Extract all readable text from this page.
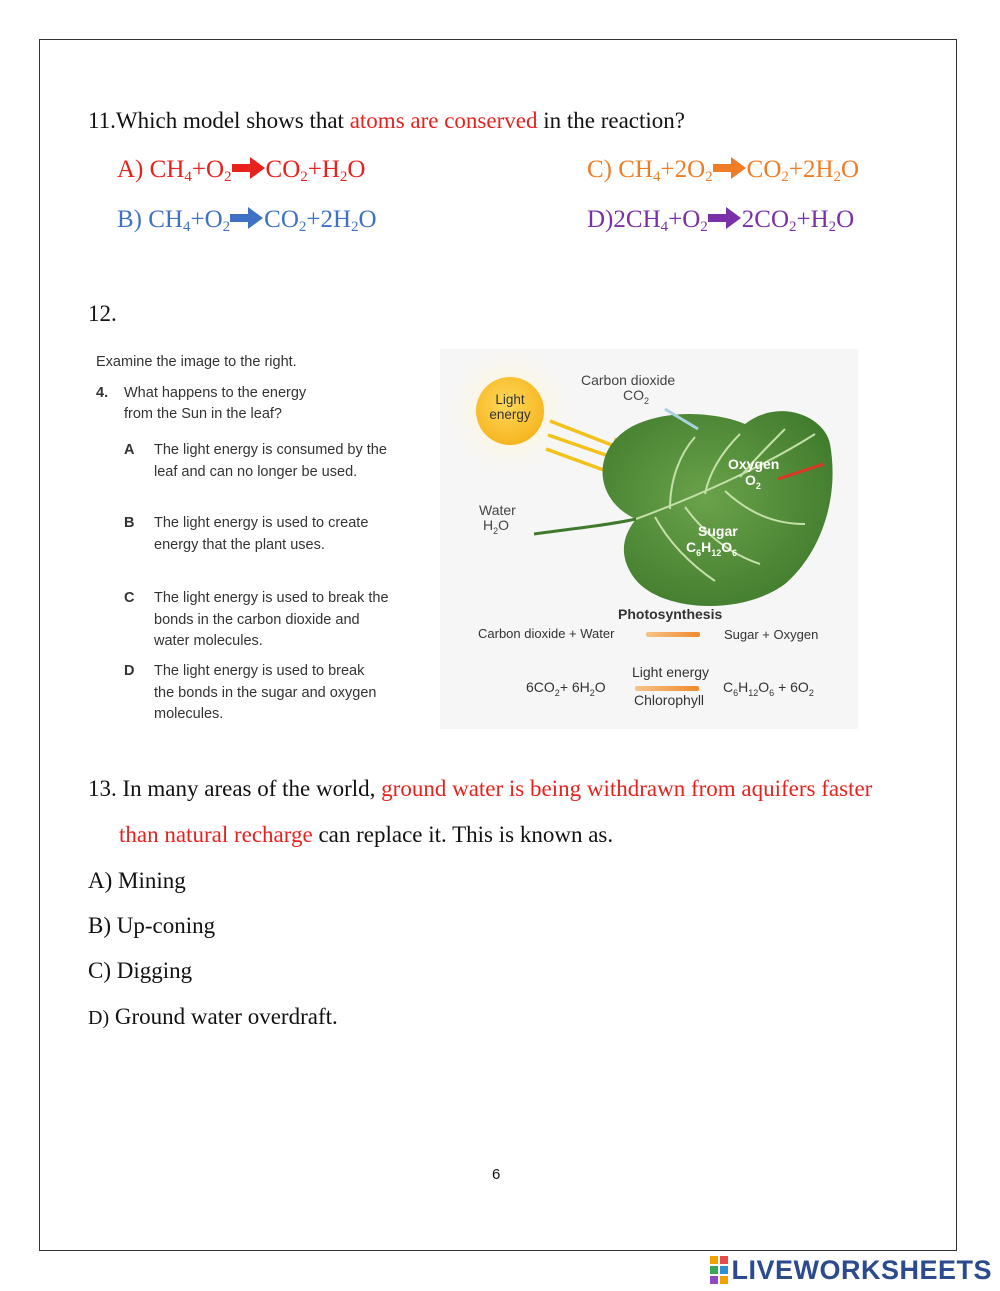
11.Which model shows that atoms are conserved in the reaction?
A) $CH_4+O_2$ $CO_2+H_2O$	C) $CH_4+2O_2$ $CO_2+2H_2O$
B) $CH_4+O_2$ $CO_2+2H_2O$	$D)2CH_4+O_2$ $2CO_2+H_2O$
12.
Examine the image to the right.
4. What happens to the energy
from the Sun in the leaf?
A The light energy is consumed by the leaf and can no longer be used.
B The light energy is used to create energy that the plant uses.
C The light energy is used to break the bonds in the carbon dioxide and water molecules.
D The light energy is used to break the bonds in the sugar and oxygen molecules.
Light
energy
Carbon dioxide
$CO_2$
Oxygen
$O_2$
Water
$H_2O$	Sugar
$C_6H_{12}O_6$
Photosynthesis
Carbon dioxide + Water	Sugar + Oxygen
$6CO_2+ 6H_2O$
Light energy
Chlorophyll
$C_6H_{12}O_6 + 6O_2$
13. In many areas of the world, ground water is being withdrawn from aquifers faster
than natural recharge can replace it. This is known as.
A) Mining
B) Up-coning
C) Digging
D) Ground water overdraft.
6
LIVEWORKSHEETS
